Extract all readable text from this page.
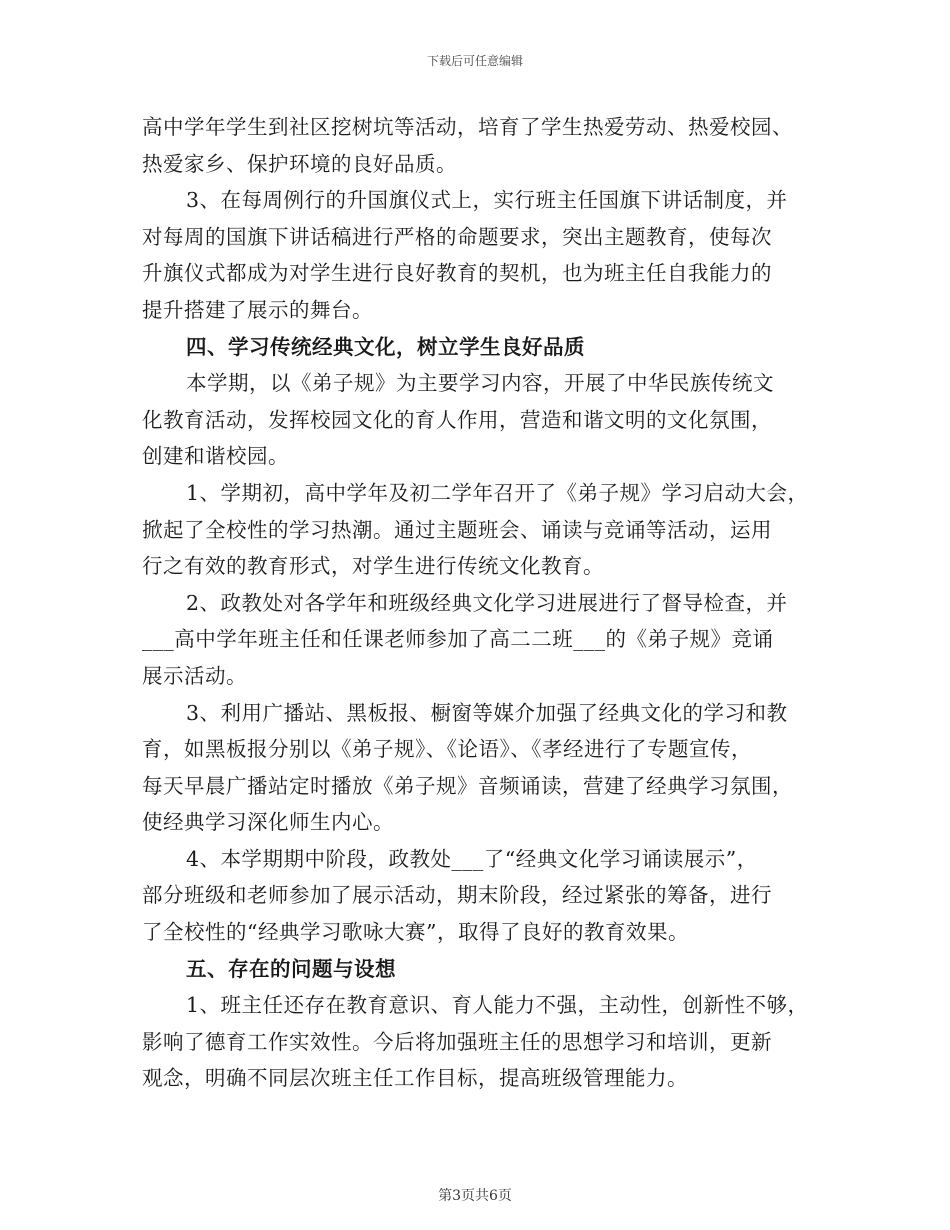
下载后可任意编辑
高中学年学生到社区挖树坑等活动，培育了学生热爱劳动、热爱校园、
热爱家乡、保护环境的良好品质。
3、在每周例行的升国旗仪式上，实行班主任国旗下讲话制度，并
对每周的国旗下讲话稿进行严格的命题要求，突出主题教育，使每次
升旗仪式都成为对学生进行良好教育的契机，也为班主任自我能力的
提升搭建了展示的舞台。
四、学习传统经典文化，树立学生良好品质
本学期，以《弟子规》为主要学习内容，开展了中华民族传统文
化教育活动，发挥校园文化的育人作用，营造和谐文明的文化氛围，
创建和谐校园。
1、学期初，高中学年及初二学年召开了《弟子规》学习启动大会，
掀起了全校性的学习热潮。通过主题班会、诵读与竞诵等活动，运用
行之有效的教育形式，对学生进行传统文化教育。
2、政教处对各学年和班级经典文化学习进展进行了督导检查，并
___高中学年班主任和任课老师参加了高二二班___的《弟子规》竞诵
展示活动。
3、利用广播站、黑板报、橱窗等媒介加强了经典文化的学习和教
育，如黑板报分别以《弟子规》、《论语》、《孝经进行了专题宣传，
每天早晨广播站定时播放《弟子规》音频诵读，营建了经典学习氛围，
使经典学习深化师生内心。
4、本学期期中阶段，政教处___了“经典文化学习诵读展示”，
部分班级和老师参加了展示活动，期末阶段，经过紧张的筹备，进行
了全校性的“经典学习歌咏大赛”，取得了良好的教育效果。
五、存在的问题与设想
1、班主任还存在教育意识、育人能力不强，主动性，创新性不够，
影响了德育工作实效性。今后将加强班主任的思想学习和培训，更新
观念，明确不同层次班主任工作目标，提高班级管理能力。
第3页共6页
